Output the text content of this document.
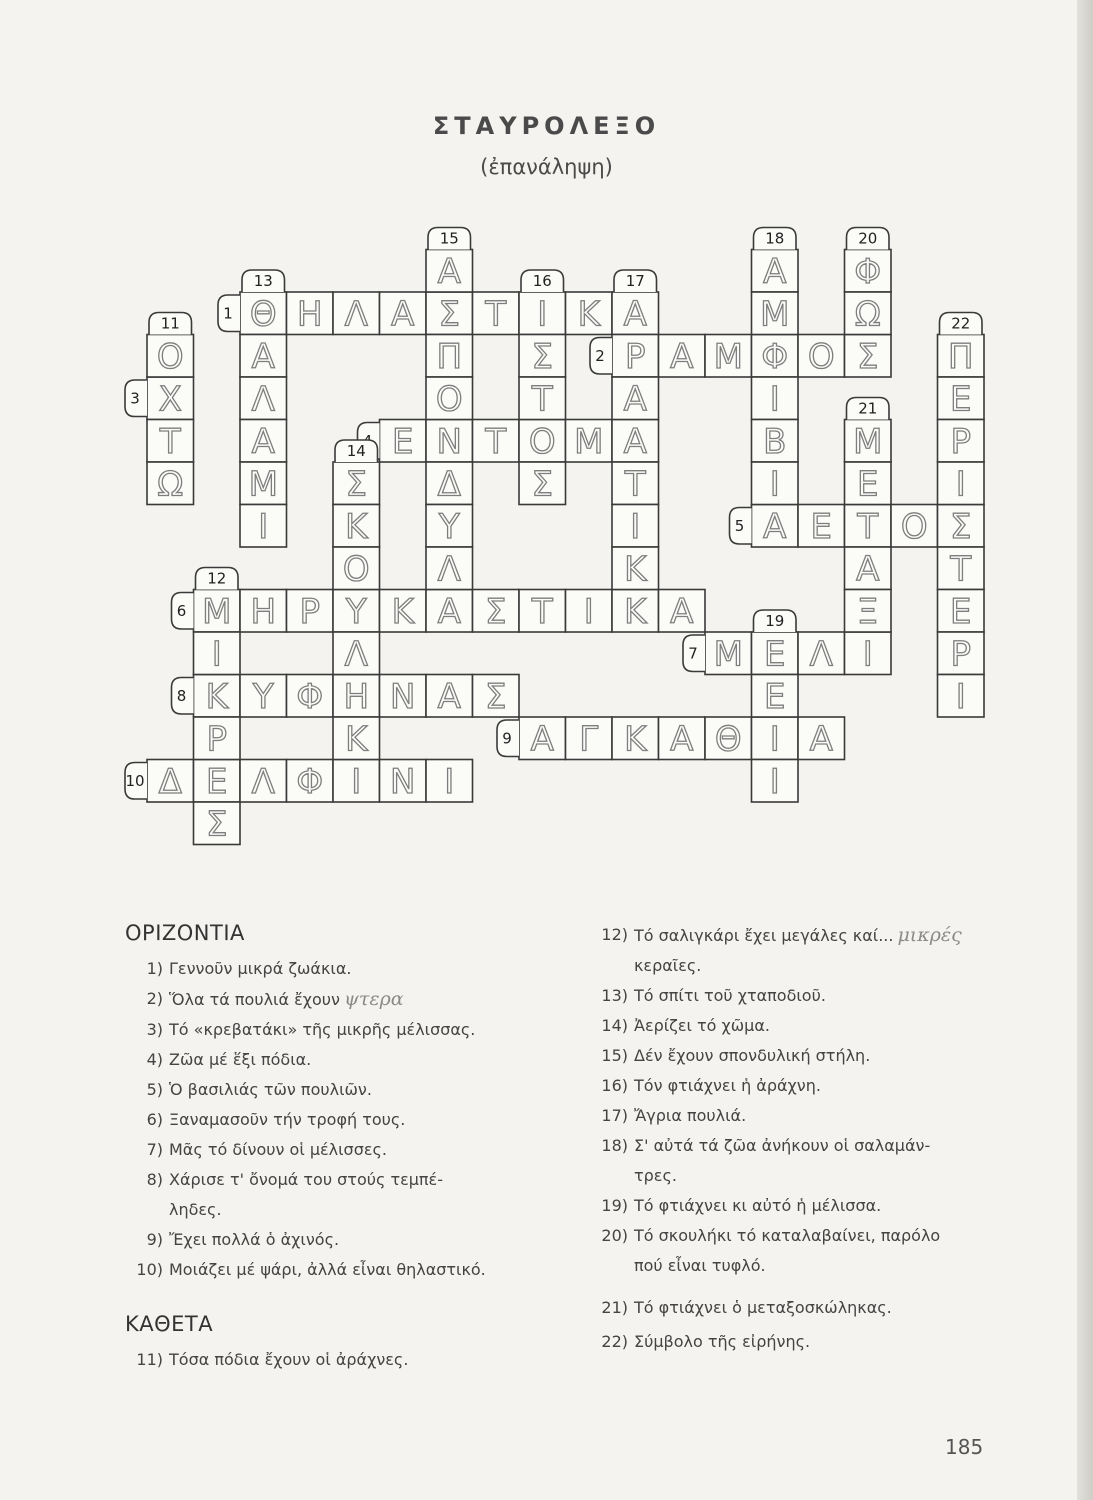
ΣΤΑΥΡΟΛΕΞΟ
(ἐπανάληψη)
Θ Η Λ Α Σ Τ Ι Κ Α
Ρ Α Μ Φ Ο Σ
Χ
Ε Ν Τ Ο Μ Α
Α Ε Τ Ο Σ
Μ Η Ρ Υ Κ Α Σ Τ Ι Κ Α
Μ Ε Λ Ι
Κ Υ Φ Η Ν Α Σ
Α Γ Κ Α Θ Ι Α
Δ Ε Λ Φ Ι Ν Ι
Ο
Τ
Ω
Ι
Ρ
Σ
Α
Λ
Α
Μ
Ι
Σ
Κ
Ο
Λ
Κ
Α
Π
Ο
Δ
Υ
Λ
Σ
Τ
Σ
Α
Τ
Ι
Κ
Α
Μ
Ι
Β
Ι
Ε
Ι
Φ
Ω
Μ
Ε
Α
Ξ
Π
Ε
Ρ
Ι
Τ
Ε
Ρ
Ι
1
2
3
5
6
7
8
9
10
11
12
13
14
15
16	17
18
19
20
21
22
ΟΡΙΖΟΝΤΙΑ
1) Γεννοῦν μικρά ζωάκια.
2) Ὅλα τά πουλιά ἔχουν ψτερα
3) Τό «κρεβατάκι» τῆς μικρῆς μέλισσας.
4) Ζῶα μέ ἕξι πόδια.
5) Ὁ βασιλιάς τῶν πουλιῶν.
6) Ξαναμασοῦν τήν τροφή τους.
7) Μᾶς τό δίνουν οἱ μέλισσες.
8) Χάρισε τ' ὄνομά του στούς τεμπέ-
ληδες.
9) Ἔχει πολλά ὁ ἀχινός.
10) Μοιάζει μέ ψάρι, ἀλλά εἶναι θηλαστικό.
ΚΑΘΕΤΑ
11) Τόσα πόδια ἔχουν οἱ ἀράχνες.
12) Τό σαλιγκάρι ἔχει μεγάλες καί... μικρές
κεραῖες.
13) Τό σπίτι τοῦ χταποδιοῦ.
14) Ἀερίζει τό χῶμα.
15) Δέν ἔχουν σπονδυλική στήλη.
16) Τόν φτιάχνει ἡ ἀράχνη.
17) Ἄγρια πουλιά.
18) Σ' αὐτά τά ζῶα ἀνήκουν οἱ σαλαμάν-
τρες.
19) Τό φτιάχνει κι αὐτό ἡ μέλισσα.
20) Τό σκουλήκι τό καταλαβαίνει, παρόλο
πού εἶναι τυφλό.
21) Τό φτιάχνει ὁ μεταξοσκώληκας.
22) Σύμβολο τῆς εἰρήνης.
185
